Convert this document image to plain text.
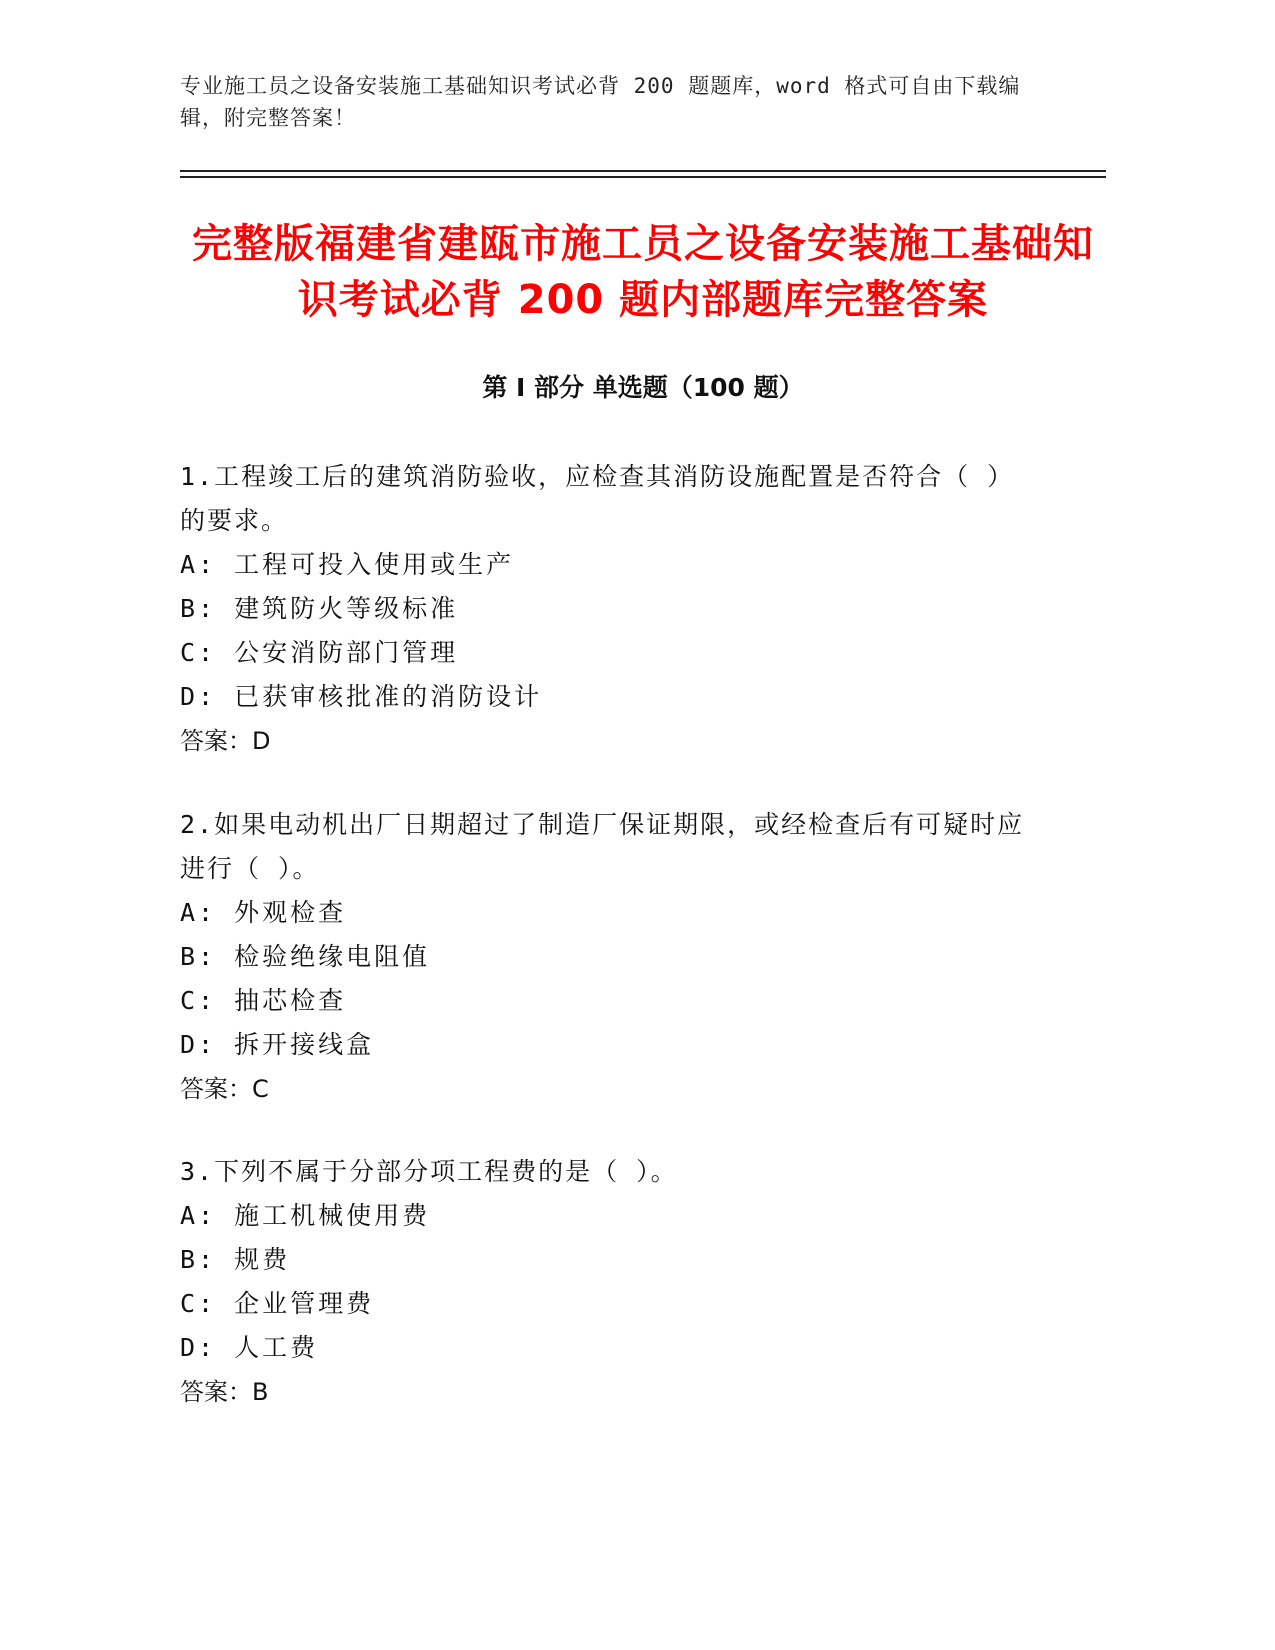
专业施工员之设备安装施工基础知识考试必背 200 题题库，word 格式可自由下载编辑，附完整答案！
完整版福建省建瓯市施工员之设备安装施工基础知识考试必背 200 题内部题库完整答案
第 I 部分 单选题（100 题）
1.工程竣工后的建筑消防验收，应检查其消防设施配置是否符合（ ）的要求。
A: 工程可投入使用或生产
B: 建筑防火等级标准
C: 公安消防部门管理
D: 已获审核批准的消防设计
答案：D
2.如果电动机出厂日期超过了制造厂保证期限，或经检查后有可疑时应进行（ ）。
A: 外观检查
B: 检验绝缘电阻值
C: 抽芯检查
D: 拆开接线盒
答案：C
3.下列不属于分部分项工程费的是（ ）。
A: 施工机械使用费
B: 规费
C: 企业管理费
D: 人工费
答案：B
